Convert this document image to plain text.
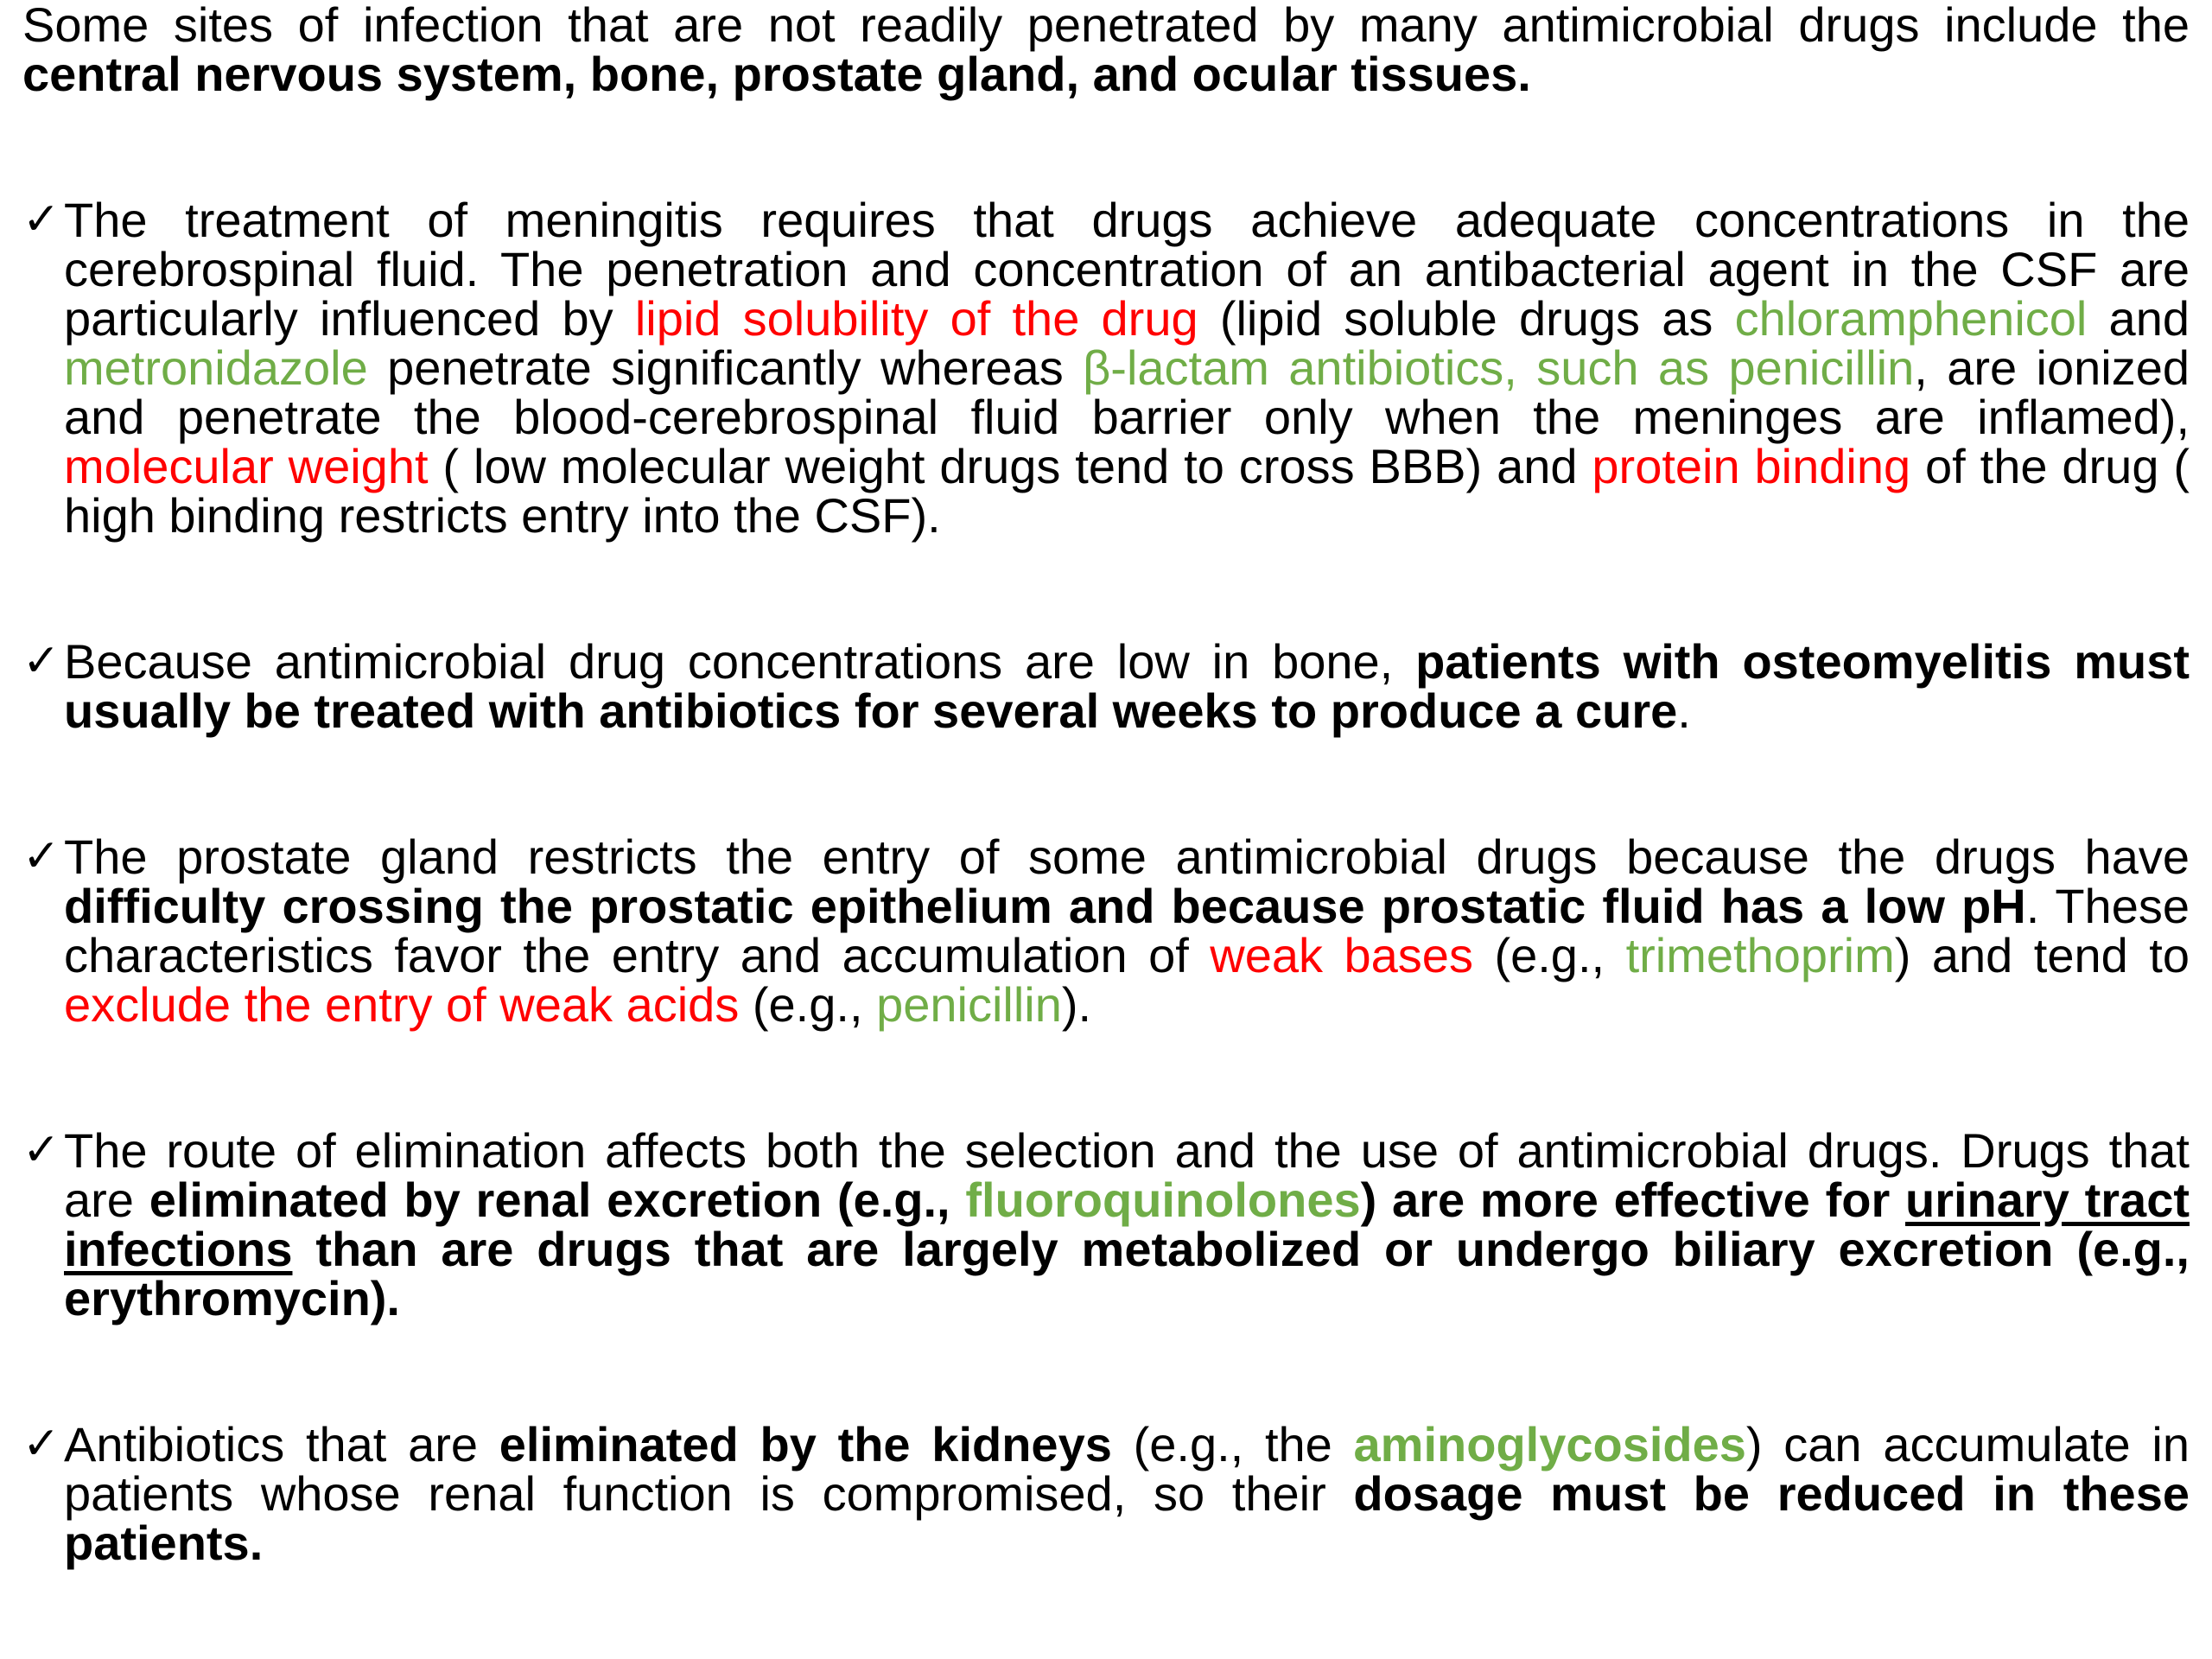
Some sites of infection that are not readily penetrated by many antimicrobial drugs include the central nervous system, bone, prostate gland, and ocular tissues.

✓ The treatment of meningitis requires that drugs achieve adequate concentrations in the cerebrospinal fluid. The penetration and concentration of an antibacterial agent in the CSF are particularly influenced by lipid solubility of the drug (lipid soluble drugs as chloramphenicol and metronidazole penetrate significantly whereas β-lactam antibiotics, such as penicillin, are ionized and penetrate the blood-cerebrospinal fluid barrier only when the meninges are inflamed), molecular weight ( low molecular weight drugs tend to cross BBB) and protein binding of the drug ( high binding restricts entry into the CSF).

✓ Because antimicrobial drug concentrations are low in bone, patients with osteomyelitis must usually be treated with antibiotics for several weeks to produce a cure.

✓ The prostate gland restricts the entry of some antimicrobial drugs because the drugs have difficulty crossing the prostatic epithelium and because prostatic fluid has a low pH. These characteristics favor the entry and accumulation of weak bases (e.g., trimethoprim) and tend to exclude the entry of weak acids (e.g., penicillin).

✓ The route of elimination affects both the selection and the use of antimicrobial drugs. Drugs that are eliminated by renal excretion (e.g., fluoroquinolones) are more effective for urinary tract infections than are drugs that are largely metabolized or undergo biliary excretion (e.g., erythromycin).

✓ Antibiotics that are eliminated by the kidneys (e.g., the aminoglycosides) can accumulate in patients whose renal function is compromised, so their dosage must be reduced in these patients.
